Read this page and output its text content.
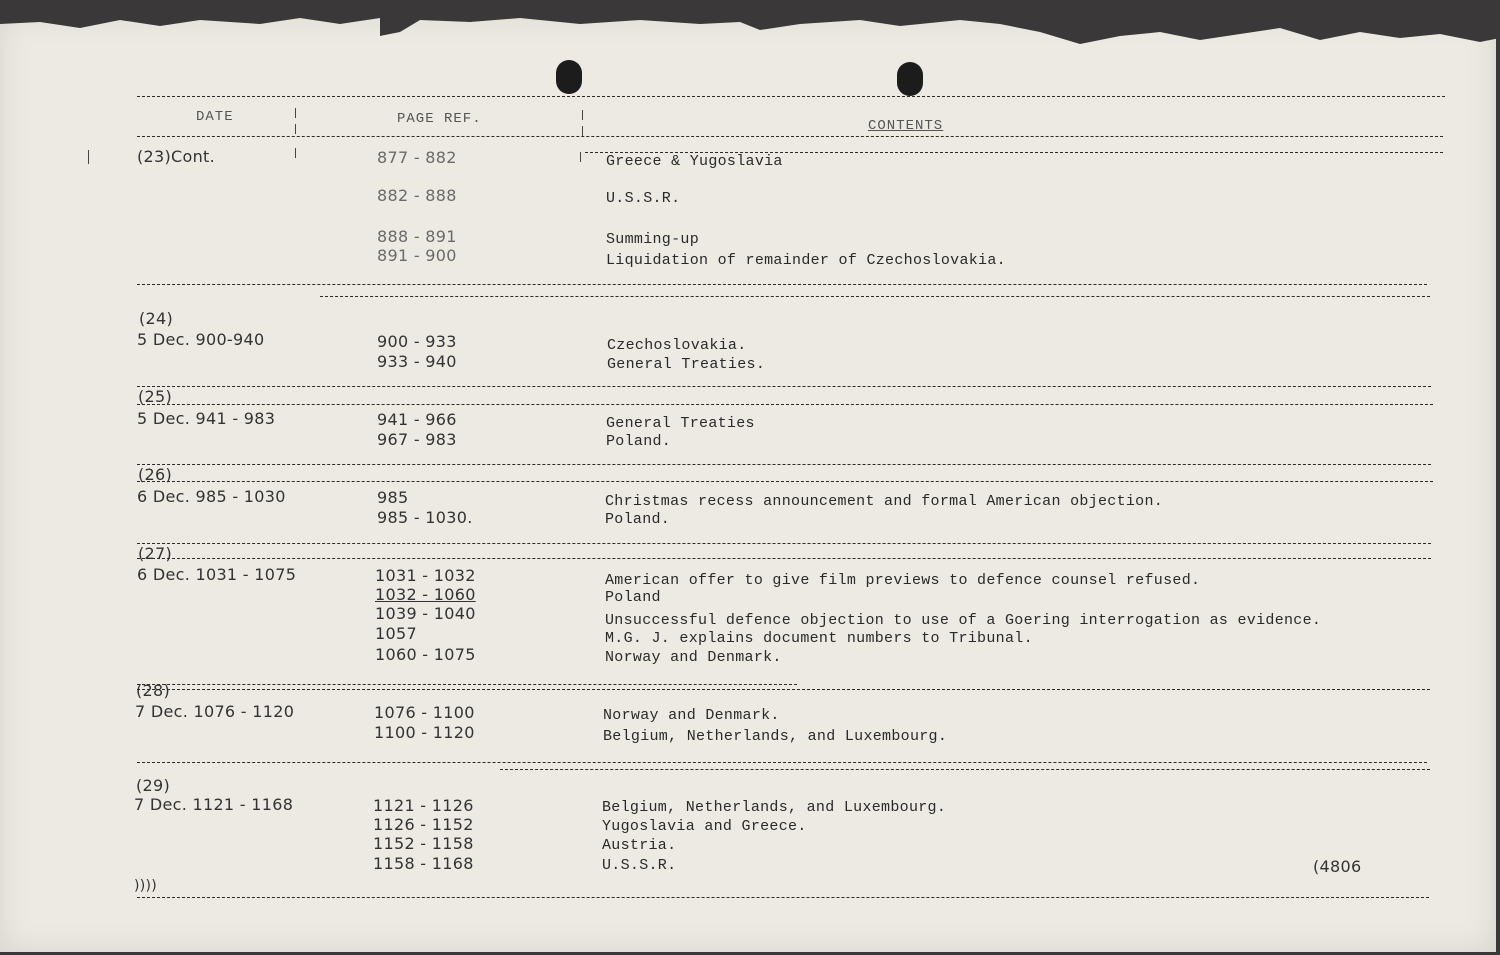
DATE	PAGE REF.	CONTENTS
(23)Cont.	877 - 882	Greece & Yugoslavia
882 - 888	U.S.S.R.
888 - 891	Summing-up
891 - 900	Liquidation of remainder of Czechoslovakia.
(24)
5 Dec. 900-940	900 - 933	Czechoslovakia.
933 - 940	General Treaties.
(25)
5 Dec. 941 - 983	941 - 966	General Treaties
967 - 983	Poland.
(26)
6 Dec. 985 - 1030	985	Christmas recess announcement and formal American objection.
985 - 1030.	Poland.
(27)
6 Dec. 1031 - 1075	1031 - 1032	American offer to give film previews to defence counsel refused.
1032 - 1060	Poland
1039 - 1040	Unsuccessful defence objection to use of a Goering interrogation as evidence.
1057	M.G. J. explains document numbers to Tribunal.
1060 - 1075	Norway and Denmark.
(28)
7 Dec. 1076 - 1120	1076 - 1100	Norway and Denmark.
1100 - 1120	Belgium, Netherlands, and Luxembourg.
(29)
7 Dec. 1121 - 1168	1121 - 1126	Belgium, Netherlands, and Luxembourg.
1126 - 1152	Yugoslavia and Greece.
1152 - 1158	Austria.
1158 - 1168	U.S.S.R.	(4806
))))
